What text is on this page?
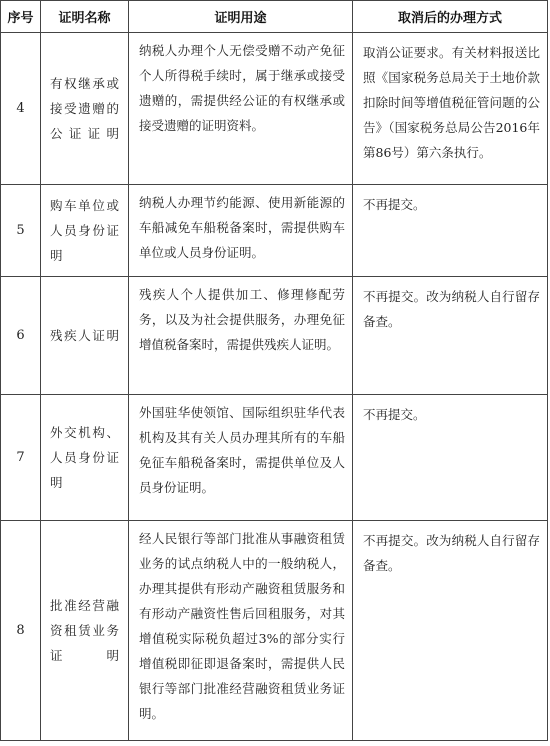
序号	证明名称	证明用途	取消后的办理方式
4	有权继承或接受遗赠的公证证明	纳税人办理个人无偿受赠不动产免征个人所得税手续时，属于继承或接受遗赠的，需提供经公证的有权继承或接受遗赠的证明资料。	取消公证要求。有关材料报送比照《国家税务总局关于土地价款扣除时间等增值税征管问题的公告》（国家税务总局公告2016年第86号）第六条执行。

5	购车单位或人员身份证明	纳税人办理节约能源、使用新能源的车船减免车船税备案时，需提供购车单位或人员身份证明。	不再提交。

6	残疾人证明	残疾人个人提供加工、修理修配劳务，以及为社会提供服务，办理免征增值税备案时，需提供残疾人证明。	不再提交。改为纳税人自行留存备查。

7	外交机构、人员身份证明	外国驻华使领馆、国际组织驻华代表机构及其有关人员办理其所有的车船免征车船税备案时，需提供单位及人员身份证明。	不再提交。

8	批准经营融资租赁业务证明	经人民银行等部门批准从事融资租赁业务的试点纳税人中的一般纳税人，办理其提供有形动产融资租赁服务和有形动产融资性售后回租服务，对其增值税实际税负超过3%的部分实行增值税即征即退备案时，需提供人民银行等部门批准经营融资租赁业务证明。	不再提交。改为纳税人自行留存备查。
